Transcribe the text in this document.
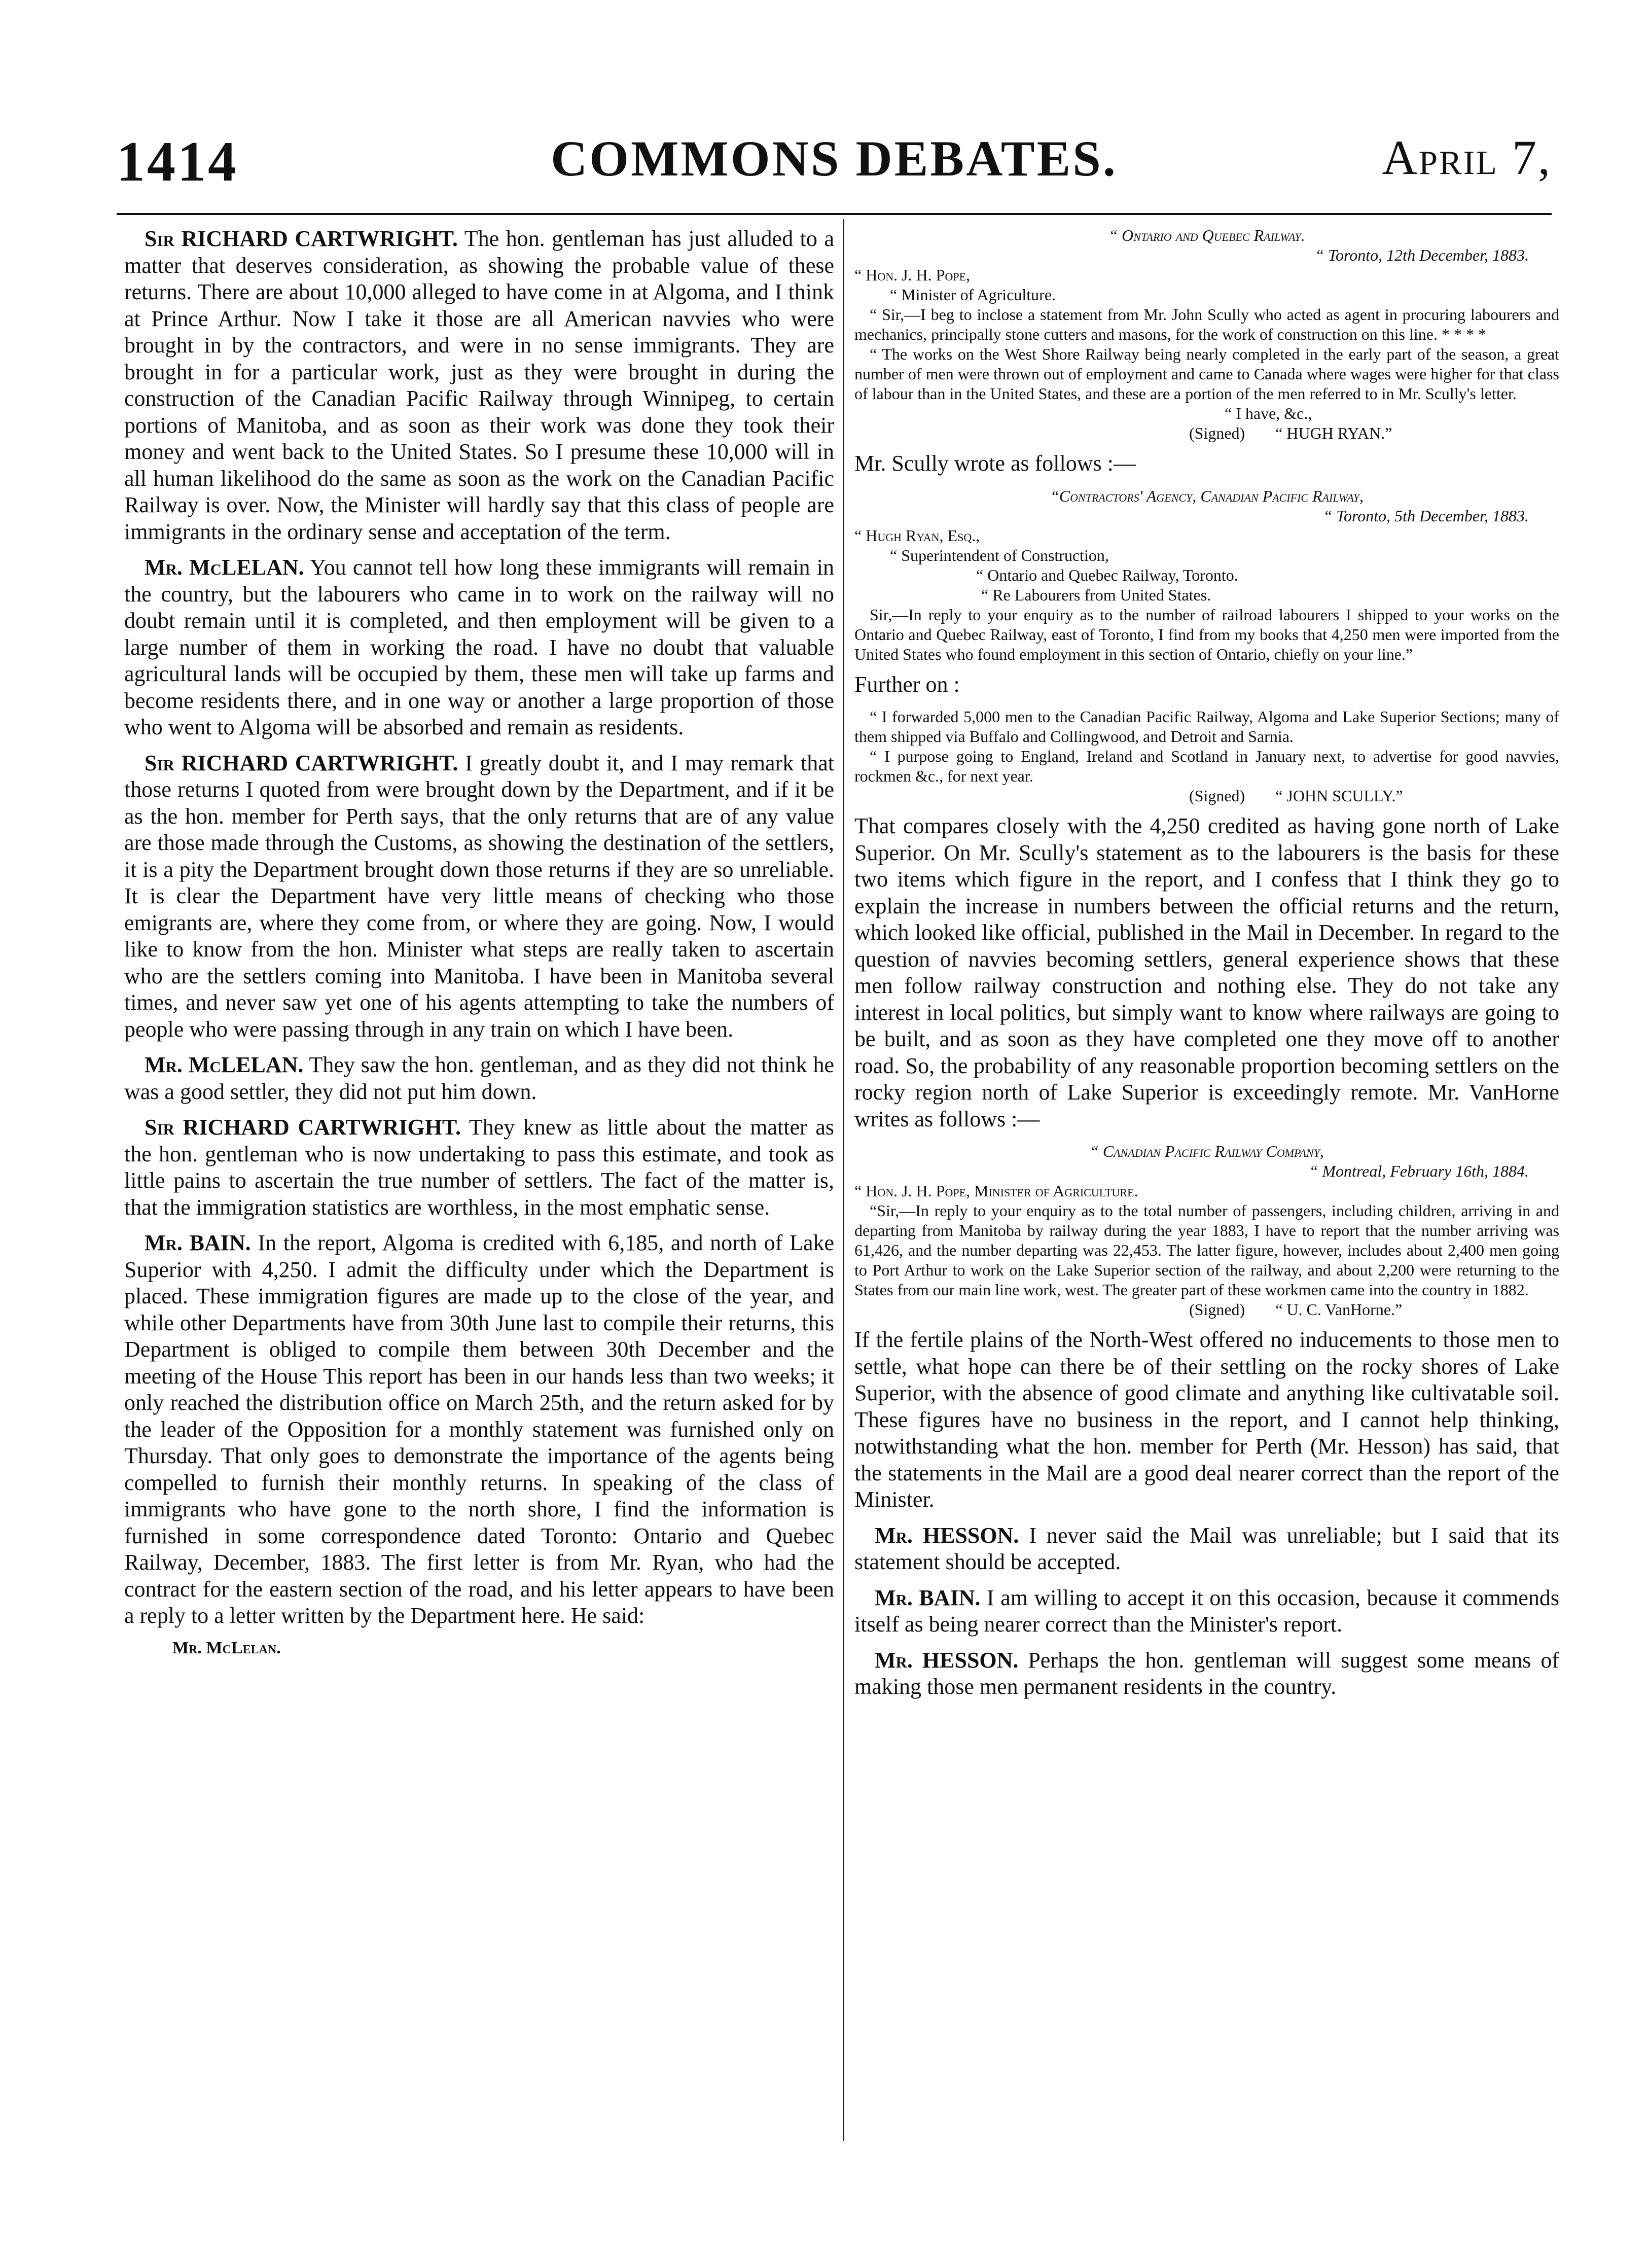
1414	COMMONS DEBATES.	April 7,

Sir RICHARD CARTWRIGHT. The hon. gentleman has just alluded to a matter that deserves consideration, as showing the probable value of these returns. There are about 10,000 alleged to have come in at Algoma, and I think at Prince Arthur. Now I take it those are all American navvies who were brought in by the contractors, and were in no sense immigrants. They are brought in for a particular work, just as they were brought in during the construction of the Canadian Pacific Railway through Winnipeg, to certain portions of Manitoba, and as soon as their work was done they took their money and went back to the United States. So I presume these 10,000 will in all human likelihood do the same as soon as the work on the Canadian Pacific Railway is over. Now, the Minister will hardly say that this class of people are immigrants in the ordinary sense and acceptation of the term.

Mr. McLELAN. You cannot tell how long these immigrants will remain in the country, but the labourers who came in to work on the railway will no doubt remain until it is completed, and then employment will be given to a large number of them in working the road. I have no doubt that valuable agricultural lands will be occupied by them, these men will take up farms and become residents there, and in one way or another a large proportion of those who went to Algoma will be absorbed and remain as residents.

Sir RICHARD CARTWRIGHT. I greatly doubt it, and I may remark that those returns I quoted from were brought down by the Department, and if it be as the hon. member for Perth says, that the only returns that are of any value are those made through the Customs, as showing the destination of the settlers, it is a pity the Department brought down those returns if they are so unreliable. It is clear the Department have very little means of checking who those emigrants are, where they come from, or where they are going. Now, I would like to know from the hon. Minister what steps are really taken to ascertain who are the settlers coming into Manitoba. I have been in Manitoba several times, and never saw yet one of his agents attempting to take the numbers of people who were passing through in any train on which I have been.

Mr. McLELAN. They saw the hon. gentleman, and as they did not think he was a good settler, they did not put him down.

Sir RICHARD CARTWRIGHT. They knew as little about the matter as the hon. gentleman who is now undertaking to pass this estimate, and took as little pains to ascertain the true number of settlers. The fact of the matter is, that the immigration statistics are worthless, in the most emphatic sense.

Mr. BAIN. In the report, Algoma is credited with 6,185, and north of Lake Superior with 4,250. I admit the difficulty under which the Department is placed. These immigration figures are made up to the close of the year, and while other Departments have from 30th June last to compile their returns, this Department is obliged to compile them between 30th December and the meeting of the House This report has been in our hands less than two weeks; it only reached the distribution office on March 25th, and the return asked for by the leader of the Opposition for a monthly statement was furnished only on Thursday. That only goes to demonstrate the importance of the agents being compelled to furnish their monthly returns. In speaking of the class of immigrants who have gone to the north shore, I find the information is furnished in some correspondence dated Toronto: Ontario and Quebec Railway, December, 1883. The first letter is from Mr. Ryan, who had the contract for the eastern section of the road, and his letter appears to have been a reply to a letter written by the Department here. He said:

Mr. McLelan.

“ Ontario and Quebec Railway.

“ Toronto, 12th December, 1883.

“ Hon. J. H. Pope,

“ Minister of Agriculture.

“ Sir,—I beg to inclose a statement from Mr. John Scully who acted as agent in procuring labourers and mechanics, principally stone cutters and masons, for the work of construction on this line. * * * *

“ The works on the West Shore Railway being nearly completed in the early part of the season, a great number of men were thrown out of employment and came to Canada where wages were higher for that class of labour than in the United States, and these are a portion of the men referred to in Mr. Scully's letter.

“ I have, &c.,

(Signed) “ HUGH RYAN.”

Mr. Scully wrote as follows :—

“Contractors' Agency, Canadian Pacific Railway,

“ Toronto, 5th December, 1883.

“ Hugh Ryan, Esq.,

“ Superintendent of Construction,

“ Ontario and Quebec Railway, Toronto.

“ Re Labourers from United States.

Sir,—In reply to your enquiry as to the number of railroad labourers I shipped to your works on the Ontario and Quebec Railway, east of Toronto, I find from my books that 4,250 men were imported from the United States who found employment in this section of Ontario, chiefly on your line.”

Further on :

“ I forwarded 5,000 men to the Canadian Pacific Railway, Algoma and Lake Superior Sections; many of them shipped via Buffalo and Collingwood, and Detroit and Sarnia.

“ I purpose going to England, Ireland and Scotland in January next, to advertise for good navvies, rockmen &c., for next year.

(Signed) “ JOHN SCULLY.”

That compares closely with the 4,250 credited as having gone north of Lake Superior. On Mr. Scully's statement as to the labourers is the basis for these two items which figure in the report, and I confess that I think they go to explain the increase in numbers between the official returns and the return, which looked like official, published in the Mail in December. In regard to the question of navvies becoming settlers, general experience shows that these men follow railway construction and nothing else. They do not take any interest in local politics, but simply want to know where railways are going to be built, and as soon as they have completed one they move off to another road. So, the probability of any reasonable proportion becoming settlers on the rocky region north of Lake Superior is exceedingly remote. Mr. VanHorne writes as follows :—

“ Canadian Pacific Railway Company,

“ Montreal, February 16th, 1884.

“ Hon. J. H. Pope, Minister of Agriculture.

“Sir,—In reply to your enquiry as to the total number of passengers, including children, arriving in and departing from Manitoba by railway during the year 1883, I have to report that the number arriving was 61,426, and the number departing was 22,453. The latter figure, however, includes about 2,400 men going to Port Arthur to work on the Lake Superior section of the railway, and about 2,200 were returning to the States from our main line work, west. The greater part of these workmen came into the country in 1882.

(Signed) “ U. C. VanHorne.”

If the fertile plains of the North-West offered no inducements to those men to settle, what hope can there be of their settling on the rocky shores of Lake Superior, with the absence of good climate and anything like cultivatable soil. These figures have no business in the report, and I cannot help thinking, notwithstanding what the hon. member for Perth (Mr. Hesson) has said, that the statements in the Mail are a good deal nearer correct than the report of the Minister.

Mr. HESSON. I never said the Mail was unreliable; but I said that its statement should be accepted.

Mr. BAIN. I am willing to accept it on this occasion, because it commends itself as being nearer correct than the Minister's report.

Mr. HESSON. Perhaps the hon. gentleman will suggest some means of making those men permanent residents in the country.
